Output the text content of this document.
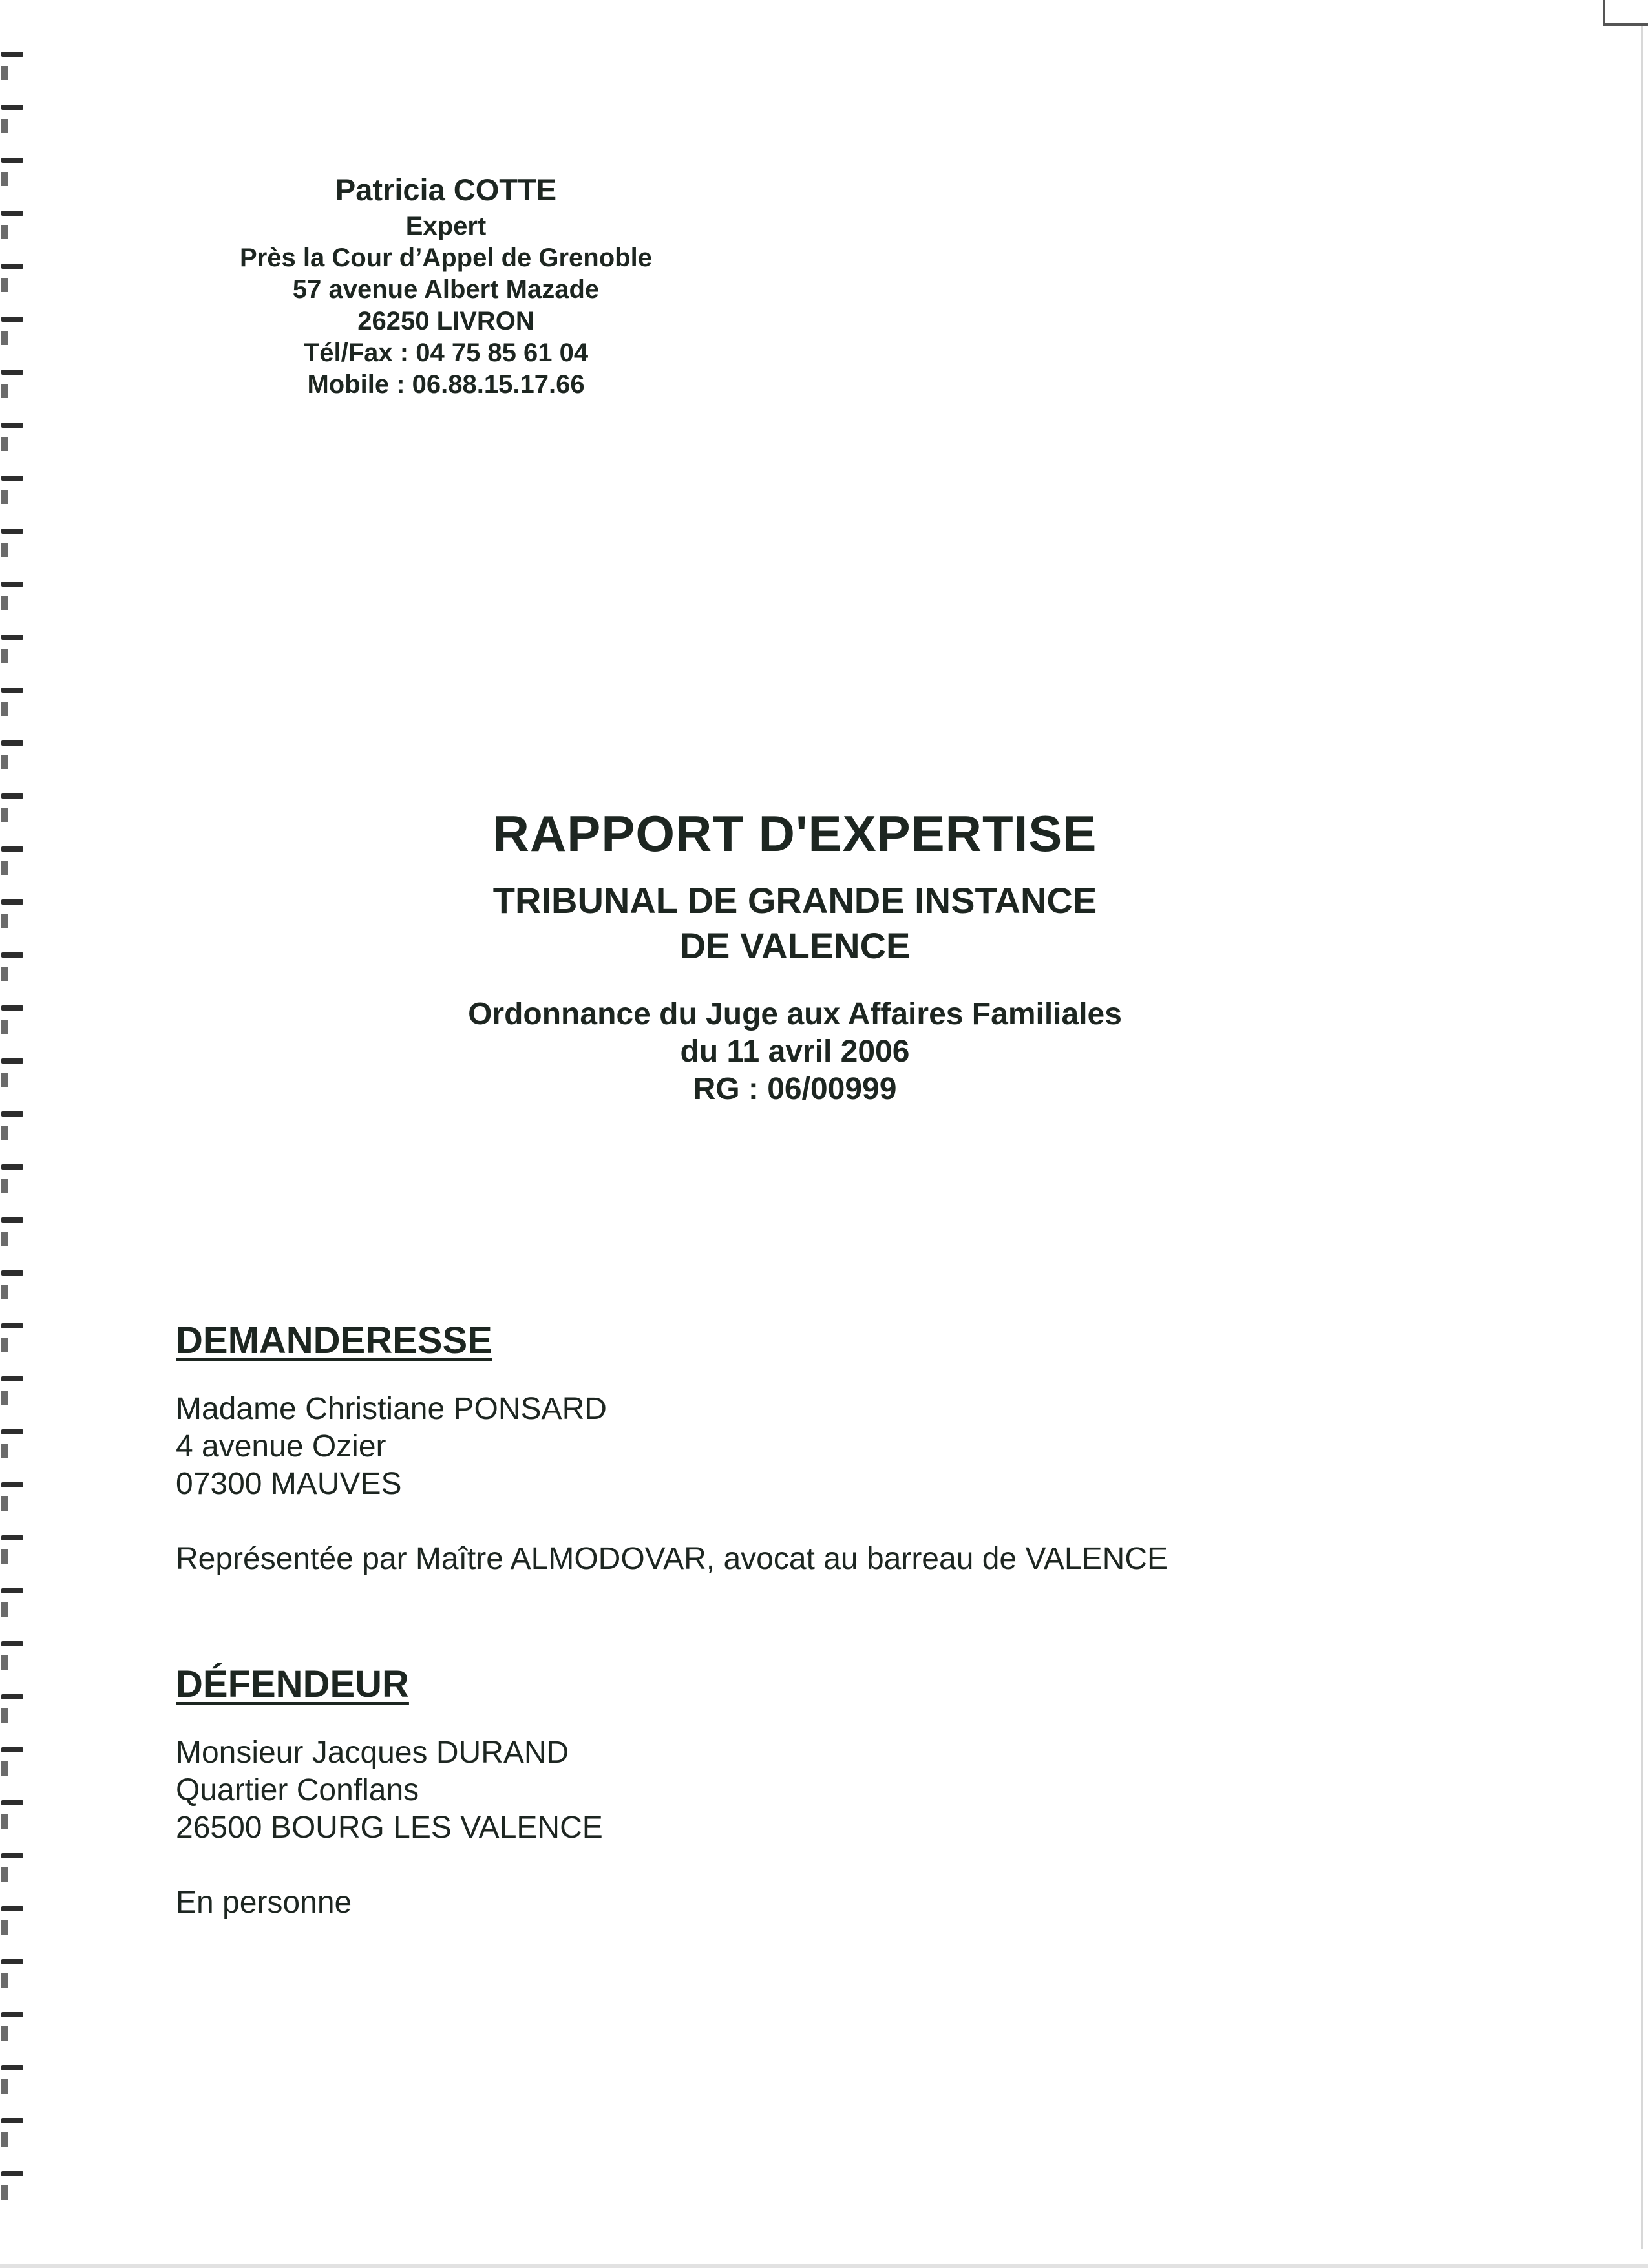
Patricia COTTE
Expert
Près la Cour d’Appel de Grenoble
57 avenue Albert Mazade
26250 LIVRON
Tél/Fax : 04 75 85 61 04
Mobile : 06.88.15.17.66
RAPPORT D'EXPERTISE
TRIBUNAL DE GRANDE INSTANCE
DE VALENCE
Ordonnance du Juge aux Affaires Familiales
du 11 avril 2006
RG : 06/00999
DEMANDERESSE
Madame Christiane PONSARD
4 avenue Ozier
07300 MAUVES
Représentée par Maître ALMODOVAR, avocat au barreau de VALENCE
DÉFENDEUR
Monsieur Jacques DURAND
Quartier Conflans
26500 BOURG LES VALENCE
En personne
